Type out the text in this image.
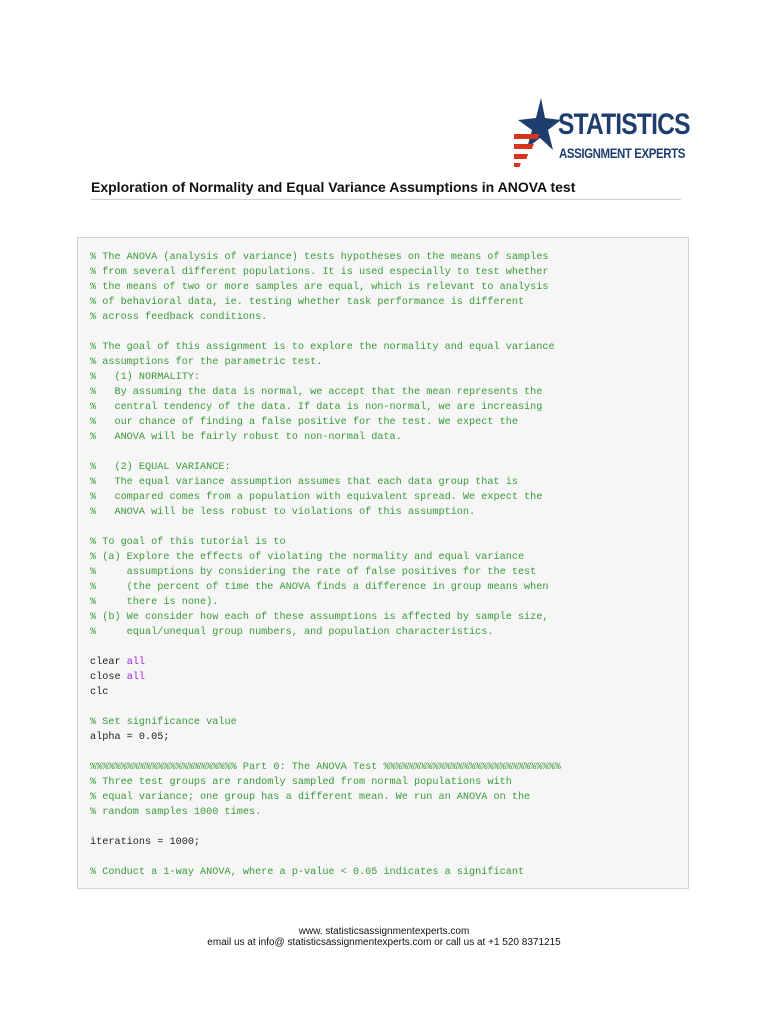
STATISTICS
ASSIGNMENT EXPERTS
Exploration of Normality and Equal Variance Assumptions in ANOVA test
% The ANOVA (analysis of variance) tests hypotheses on the means of samples
% from several different populations. It is used especially to test whether
% the means of two or more samples are equal, which is relevant to analysis
% of behavioral data, ie. testing whether task performance is different
% across feedback conditions.
% The goal of this assignment is to explore the normality and equal variance
% assumptions for the parametric test.
%   (1) NORMALITY:
%   By assuming the data is normal, we accept that the mean represents the
%   central tendency of the data. If data is non-normal, we are increasing
%   our chance of finding a false positive for the test. We expect the
%   ANOVA will be fairly robust to non-normal data.
%   (2) EQUAL VARIANCE:
%   The equal variance assumption assumes that each data group that is
%   compared comes from a population with equivalent spread. We expect the
%   ANOVA will be less robust to violations of this assumption.
% To goal of this tutorial is to
% (a) Explore the effects of violating the normality and equal variance
%     assumptions by considering the rate of false positives for the test
%     (the percent of time the ANOVA finds a difference in group means when
%     there is none).
% (b) We consider how each of these assumptions is affected by sample size,
%     equal/unequal group numbers, and population characteristics.
clear all
close all
clc
% Set significance value
alpha = 0.05;
%%%%%%%%%%%%%%%%%%%%%%%% Part 0: The ANOVA Test %%%%%%%%%%%%%%%%%%%%%%%%%%%%%
% Three test groups are randomly sampled from normal populations with
% equal variance; one group has a different mean. We run an ANOVA on the
% random samples 1000 times.
iterations = 1000;
% Conduct a 1-way ANOVA, where a p-value < 0.05 indicates a significant
www. statisticsassignmentexperts.com
email us at info@ statisticsassignmentexperts.com or call us at +1 520 8371215
